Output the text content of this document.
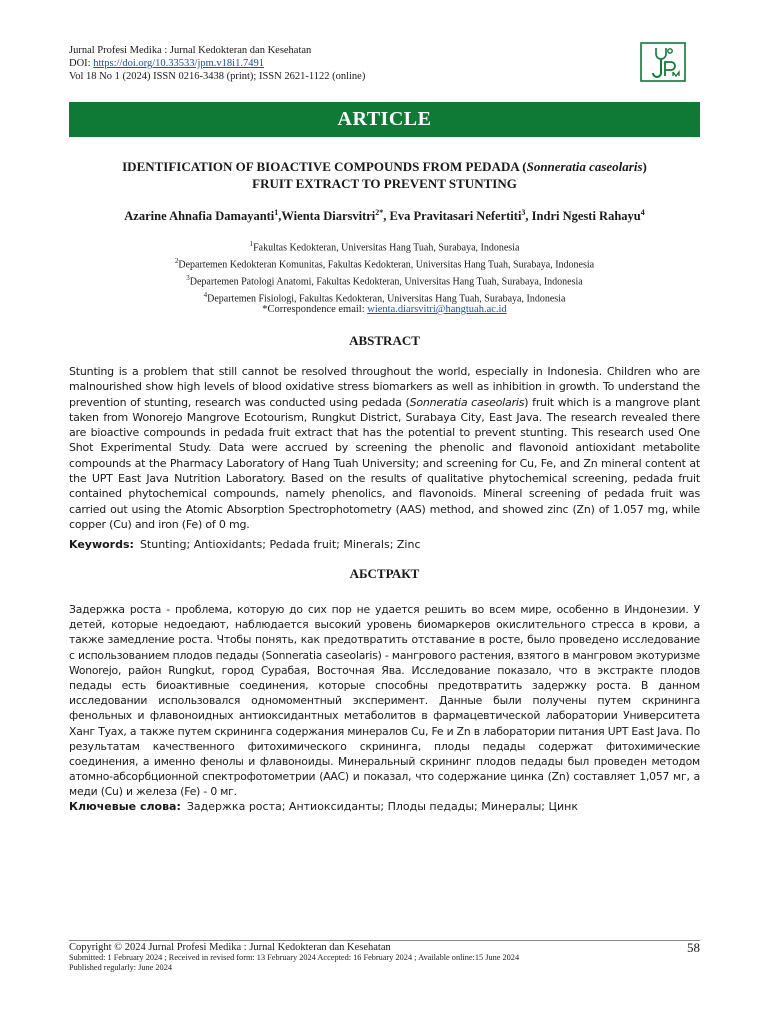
Jurnal Profesi Medika : Jurnal Kedokteran dan Kesehatan
DOI: https://doi.org/10.33533/jpm.v18i1.7491
Vol 18 No 1 (2024) ISSN 0216-3438 (print); ISSN 2621-1122 (online)
ARTICLE
IDENTIFICATION OF BIOACTIVE COMPOUNDS FROM PEDADA (Sonneratia caseolaris)
FRUIT EXTRACT TO PREVENT STUNTING
Azarine Ahnafia Damayanti$^1$,Wienta Diarsvitri$^{2*}$, Eva Pravitasari Nefertiti$^3$, Indri Ngesti Rahayu$^4$
$^1$Fakultas Kedokteran, Universitas Hang Tuah, Surabaya, Indonesia
$^2$Departemen Kedokteran Komunitas, Fakultas Kedokteran, Universitas Hang Tuah, Surabaya, Indonesia
$^3$Departemen Patologi Anatomi, Fakultas Kedokteran, Universitas Hang Tuah, Surabaya, Indonesia
$^4$Departemen Fisiologi, Fakultas Kedokteran, Universitas Hang Tuah, Surabaya, Indonesia
*Correspondence email: wienta.diarsvitri@hangtuah.ac.id
ABSTRACT
Stunting is a problem that still cannot be resolved throughout the world, especially in Indonesia. Children who are malnourished show high levels of blood oxidative stress biomarkers as well as inhibition in growth. To understand the prevention of stunting, research was conducted using pedada (Sonneratia caseolaris) fruit which is a mangrove plant taken from Wonorejo Mangrove Ecotourism, Rungkut District, Surabaya City, East Java. The research revealed there are bioactive compounds in pedada fruit extract that has the potential to prevent stunting. This research used One Shot Experimental Study. Data were accrued by screening the phenolic and flavonoid antioxidant metabolite compounds at the Pharmacy Laboratory of Hang Tuah University; and screening for Cu, Fe, and Zn mineral content at the UPT East Java Nutrition Laboratory. Based on the results of qualitative phytochemical screening, pedada fruit contained phytochemical compounds, namely phenolics, and flavonoids. Mineral screening of pedada fruit was carried out using the Atomic Absorption Spectrophotometry (AAS) method, and showed zinc (Zn) of 1.057 mg, while copper (Cu) and iron (Fe) of 0 mg.
Keywords: Stunting; Antioxidants; Pedada fruit; Minerals; Zinc
АБСТРАКТ
Задержка роста - проблема, которую до сих пор не удается решить во всем мире, особенно в Индонезии. У детей, которые недоедают, наблюдается высокий уровень биомаркеров окислительного стресса в крови, а также замедление роста. Чтобы понять, как предотвратить отставание в росте, было проведено исследование с использованием плодов педады (Sonneratia caseolaris) - мангрового растения, взятого в мангровом экотуризме Wonorejo, район Rungkut, город Сурабая, Восточная Ява. Исследование показало, что в экстракте плодов педады есть биоактивные соединения, которые способны предотвратить задержку роста. В данном исследовании использовался одномоментный эксперимент. Данные были получены путем скрининга фенольных и флавоноидных антиоксидантных метаболитов в фармацевтической лаборатории Университета Ханг Туах, а также путем скрининга содержания минералов Cu, Fe и Zn в лаборатории питания UPT East Java. По результатам качественного фитохимического скрининга, плоды педады содержат фитохимические соединения, а именно фенолы и флавоноиды. Минеральный скрининг плодов педады был проведен методом атомно-абсорбционной спектрофотометрии (ААС) и показал, что содержание цинка (Zn) составляет 1,057 мг, а меди (Cu) и железа (Fe) - 0 мг.
Ключевые слова: Задержка роста; Антиоксиданты; Плоды педады; Минералы; Цинк
Copyright © 2024 Jurnal Profesi Medika : Jurnal Kedokteran dan Kesehatan
Submitted: 1 February 2024 ; Received in revised form: 13 February 2024 Accepted: 16 February 2024 ; Available online:15 June 2024
Published regularly: June 2024
58
